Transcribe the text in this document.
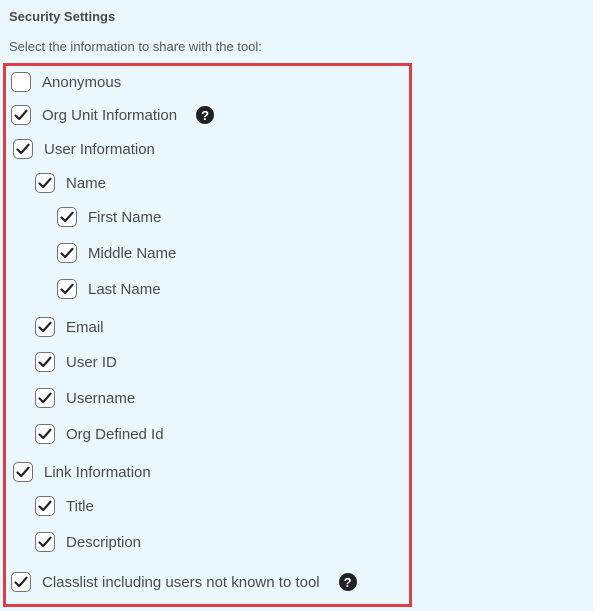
Security Settings
Select the information to share with the tool:
Anonymous
Org Unit Information	?
User Information
Name
First Name
Middle Name
Last Name
Email
User ID
Username
Org Defined Id
Link Information
Title
Description
Classlist including users not known to tool	?
